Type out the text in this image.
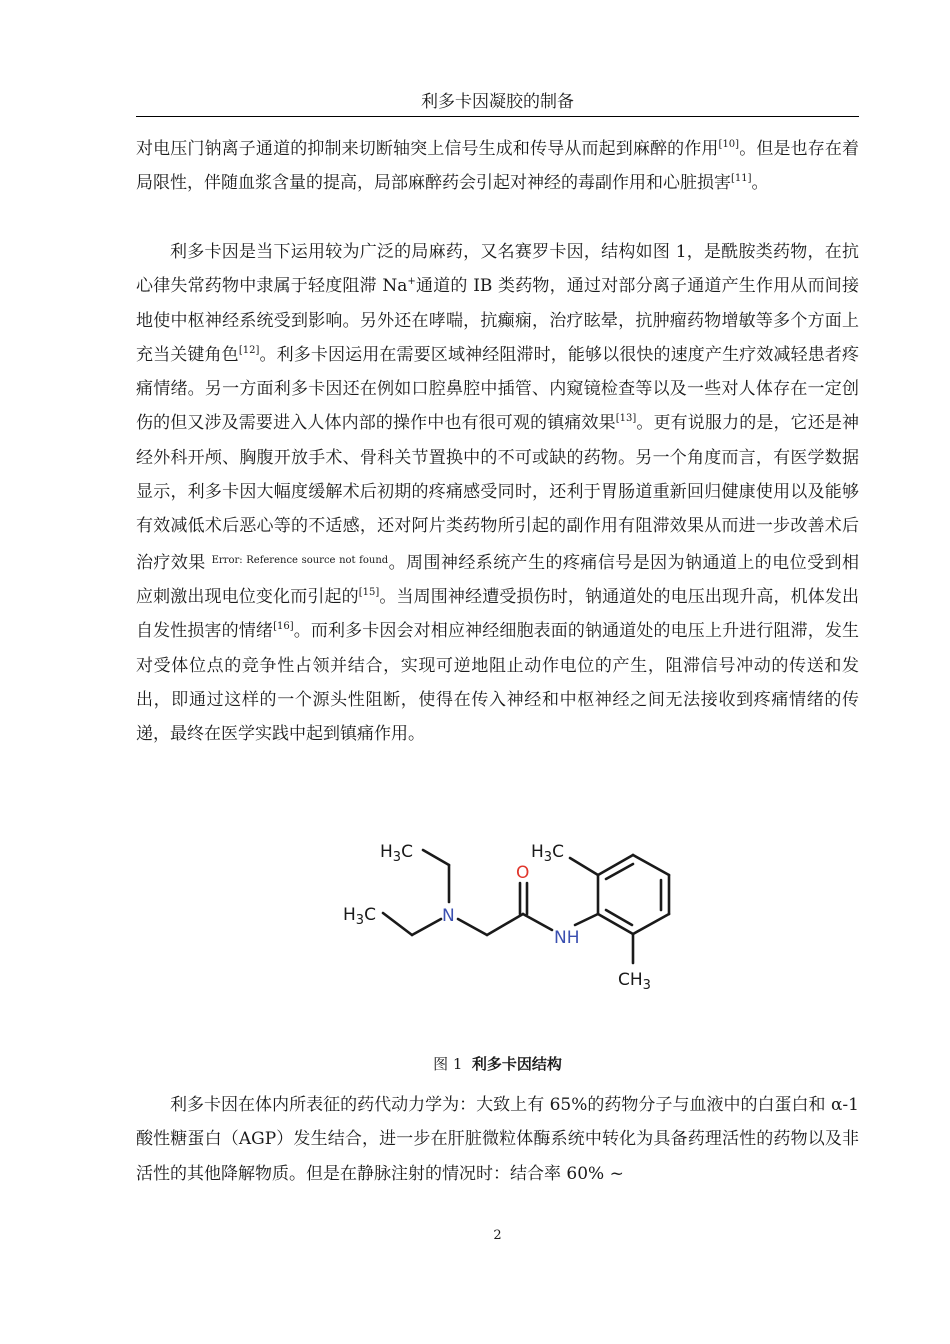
利多卡因凝胶的制备

对电压门钠离子通道的抑制来切断轴突上信号生成和传导从而起到麻醉的作用[10]。但是也存在着局限性，伴随血浆含量的提高，局部麻醉药会引起对神经的毒副作用和心脏损害[11]。

利多卡因是当下运用较为广泛的局麻药，又名赛罗卡因，结构如图 1，是酰胺类药物，在抗心律失常药物中隶属于轻度阻滞 Na+通道的 IB 类药物，通过对部分离子通道产生作用从而间接地使中枢神经系统受到影响。另外还在哮喘，抗癫痫，治疗眩晕，抗肿瘤药物增敏等多个方面上充当关键角色[12]。利多卡因运用在需要区域神经阻滞时，能够以很快的速度产生疗效减轻患者疼痛情绪。另一方面利多卡因还在例如口腔鼻腔中插管、内窥镜检查等以及一些对人体存在一定创伤的但又涉及需要进入人体内部的操作中也有很可观的镇痛效果[13]。更有说服力的是，它还是神经外科开颅、胸腹开放手术、骨科关节置换中的不可或缺的药物。另一个角度而言，有医学数据显示，利多卡因大幅度缓解术后初期的疼痛感受同时，还利于胃肠道重新回归健康使用以及能够有效减低术后恶心等的不适感，还对阿片类药物所引起的副作用有阻滞效果从而进一步改善术后治疗效果 $^{Error: Reference source not found}$。周围神经系统产生的疼痛信号是因为钠通道上的电位受到相应刺激出现电位变化而引起的[15]。当周围神经遭受损伤时，钠通道处的电压出现升高，机体发出自发性损害的情绪[16]。而利多卡因会对相应神经细胞表面的钠通道处的电压上升进行阻滞，发生对受体位点的竞争性占领并结合，实现可逆地阻止动作电位的产生，阻滞信号冲动的传送和发出，即通过这样的一个源头性阻断，使得在传入神经和中枢神经之间无法接收到疼痛情绪的传递，最终在医学实践中起到镇痛作用。

$H_3C$
$H_3C$	N
O
NH
$H_3C$
$CH_3$
图 1 利多卡因结构

利多卡因在体内所表征的药代动力学为：大致上有 65%的药物分子与血液中的白蛋白和 α-1 酸性糖蛋白（AGP）发生结合，进一步在肝脏微粒体酶系统中转化为具备药理活性的药物以及非活性的其他降解物质。但是在静脉注射的情况时：结合率 60% ~

2
